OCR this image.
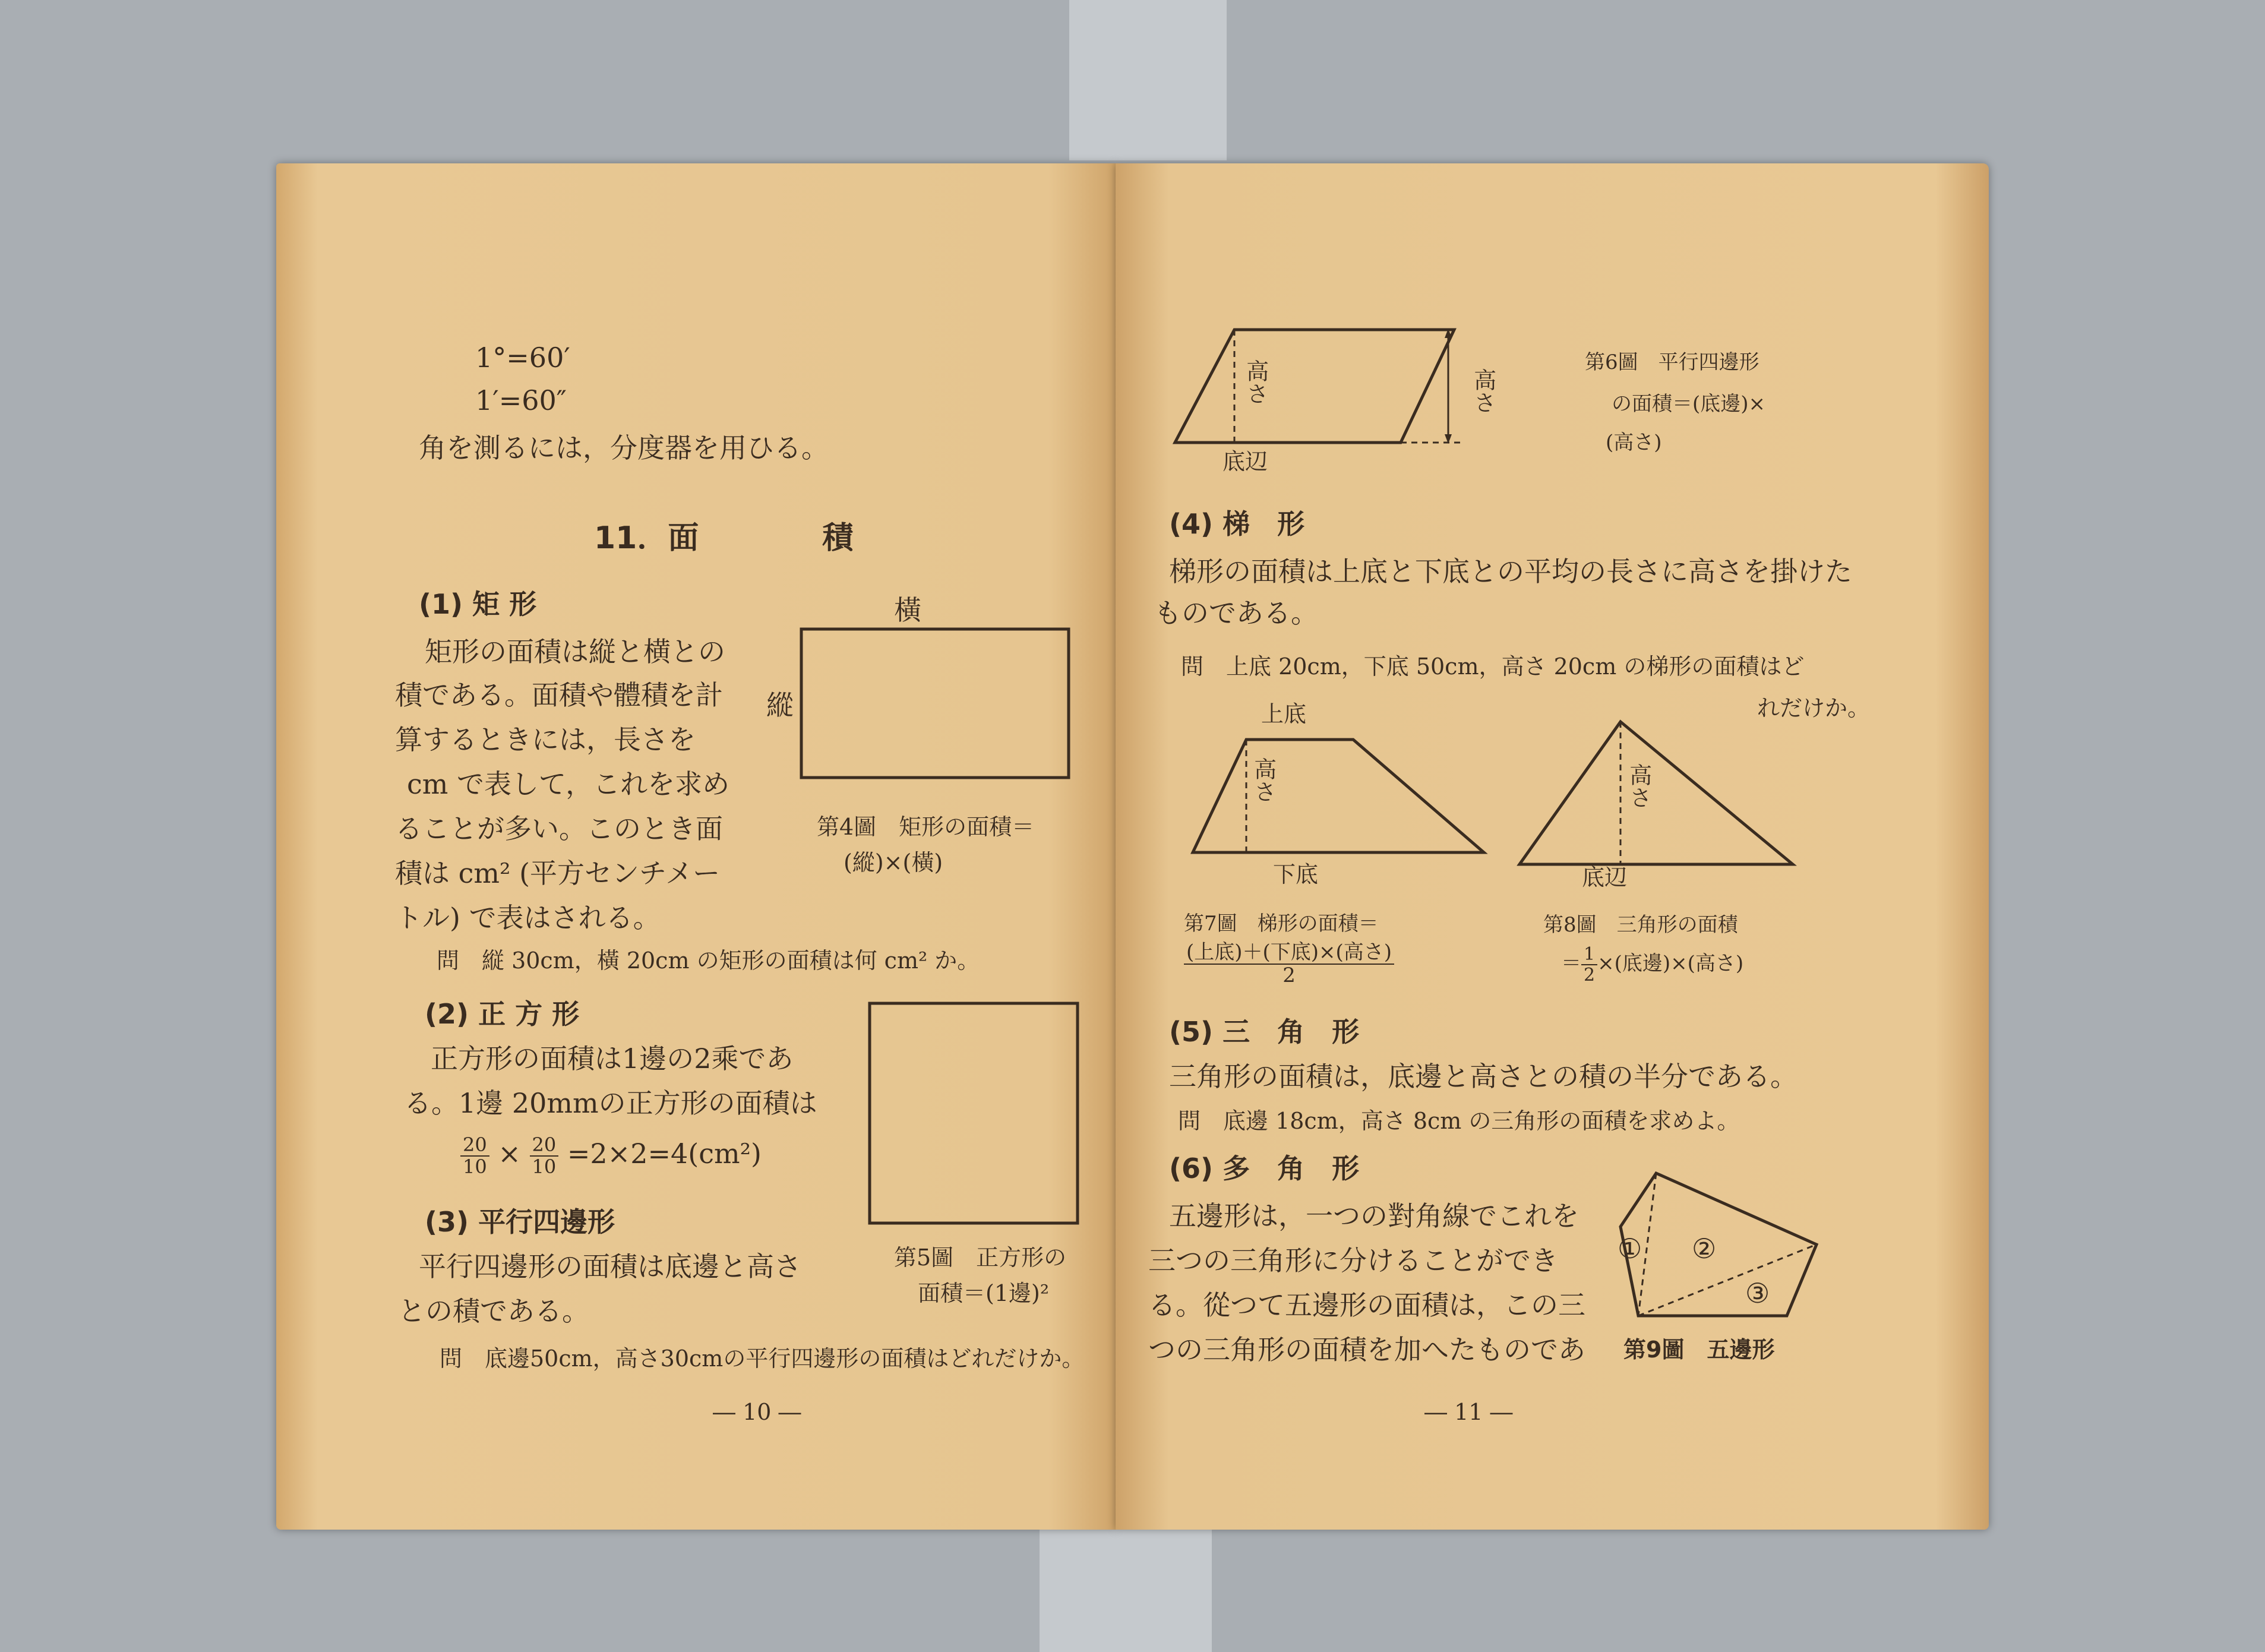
1°=60′
1′=60″
角を測るには，分度器を用ひる。
11．面　　　　積
(1) 矩 形
矩形の面積は縦と横との
積である。面積や體積を計
算するときには，長さを
cm で表して，これを求め
ることが多い。このとき面
積は cm² (平方センチメー
トル) で表はされる。
橫
縱
第4圖　矩形の面積＝
(縱)×(橫)
問　縦 30cm，橫 20cm の矩形の面積は何 cm² か。
(2) 正 方 形
正方形の面積は1邊の2乘であ
る。1邊 20mmの正方形の面積は
$\frac{20}{10} \times \frac{20}{10} =2\times 2=4(cm^2)$
第5圖　正方形の
面積＝(1邊)²
(3) 平行四邊形
平行四邊形の面積は底邊と高さ
との積である。
問　底邊50cm，高さ30cmの平行四邊形の面積はどれだけか。
― 10 ―
高さ	高さ
底辺
第6圖　平行四邊形
の面積＝(底邊)×
(高さ)
(4) 梯　形
梯形の面積は上底と下底との平均の長さに高さを掛けた
ものである。
問　上底 20cm，下底 50cm，高さ 20cm の梯形の面積はど
れだけか。
上底
高さ
下底
高さ
底辺
第7圖　梯形の面積＝
$\frac{\text{(上底)＋(下底)×(高さ)}}{2}$
第8圖　三角形の面積
＝ $\frac{1}{2}$ ×(底邊)×(高さ)
(5) 三　角　形
三角形の面積は，底邊と高さとの積の半分である。
問　底邊 18cm，高さ 8cm の三角形の面積を求めよ。
(6) 多　角　形
五邊形は，一つの對角線でこれを
三つの三角形に分けることができ
る。從つて五邊形の面積は，この三
つの三角形の面積を加へたものであ
① ②
③
第9圖　五邊形
― 11 ―
